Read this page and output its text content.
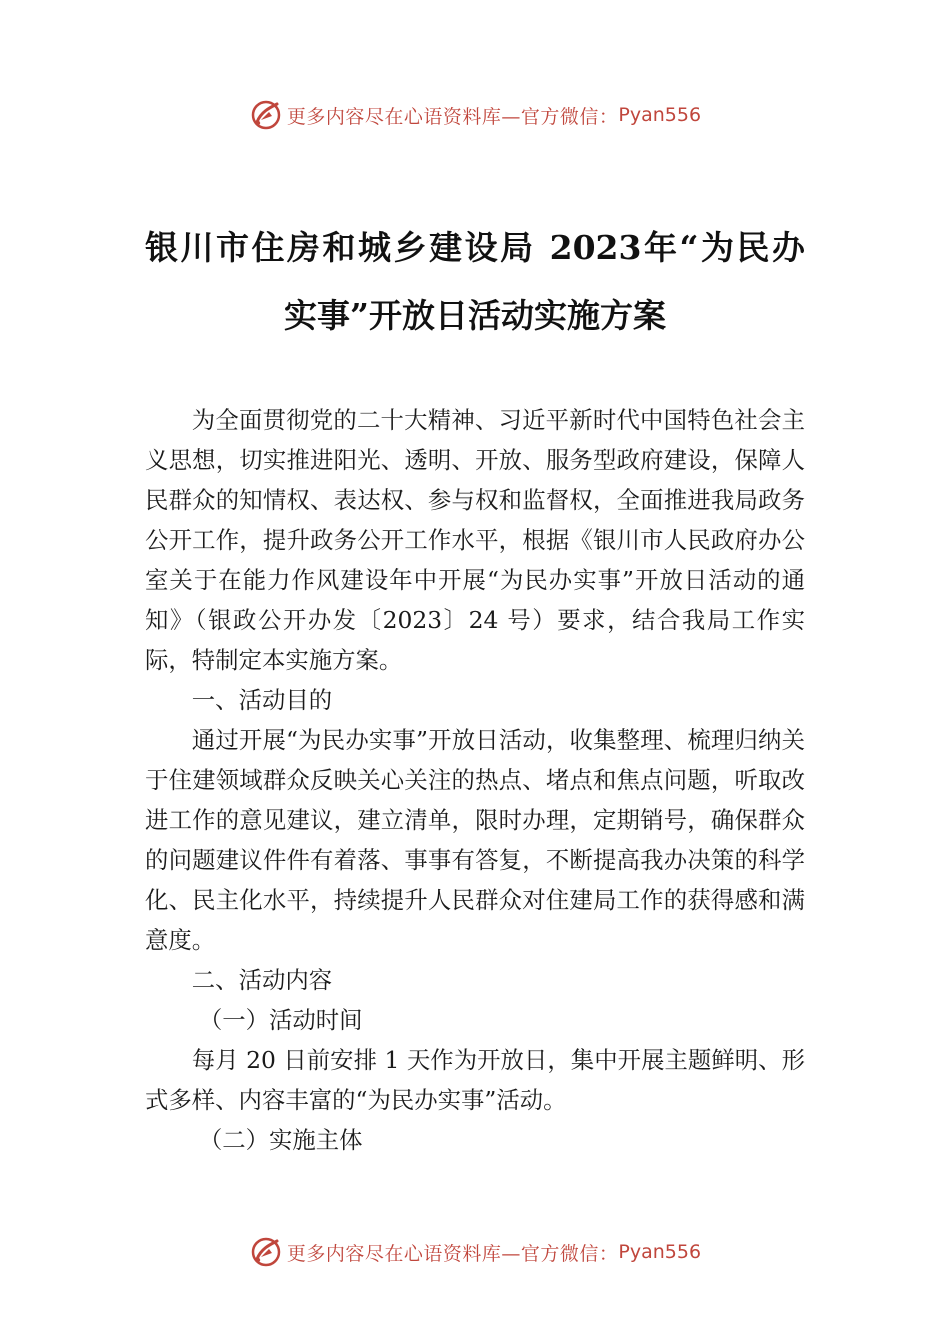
更多内容尽在心语资料库—官方微信： Pyan556
银川市住房和城乡建设局 2023年“为民办
实事”开放日活动实施方案

为全面贯彻党的二十大精神、习近平新时代中国特色社会主义思想，切实推进阳光、透明、开放、服务型政府建设，保障人民群众的知情权、表达权、参与权和监督权，全面推进我局政务公开工作，提升政务公开工作水平，根据《银川市人民政府办公室关于在能力作风建设年中开展“为民办实事”开放日活动的通知》（银政公开办发〔2023〕24 号）要求，结合我局工作实际，特制定本实施方案。

一、活动目的

通过开展“为民办实事”开放日活动，收集整理、梳理归纳关于住建领域群众反映关心关注的热点、堵点和焦点问题，听取改进工作的意见建议，建立清单，限时办理，定期销号，确保群众的问题建议件件有着落、事事有答复，不断提高我办决策的科学化、民主化水平，持续提升人民群众对住建局工作的获得感和满意度。

二、活动内容

（一）活动时间

每月 20 日前安排 1 天作为开放日，集中开展主题鲜明、形式多样、内容丰富的“为民办实事”活动。

（二）实施主体

更多内容尽在心语资料库—官方微信： Pyan556
